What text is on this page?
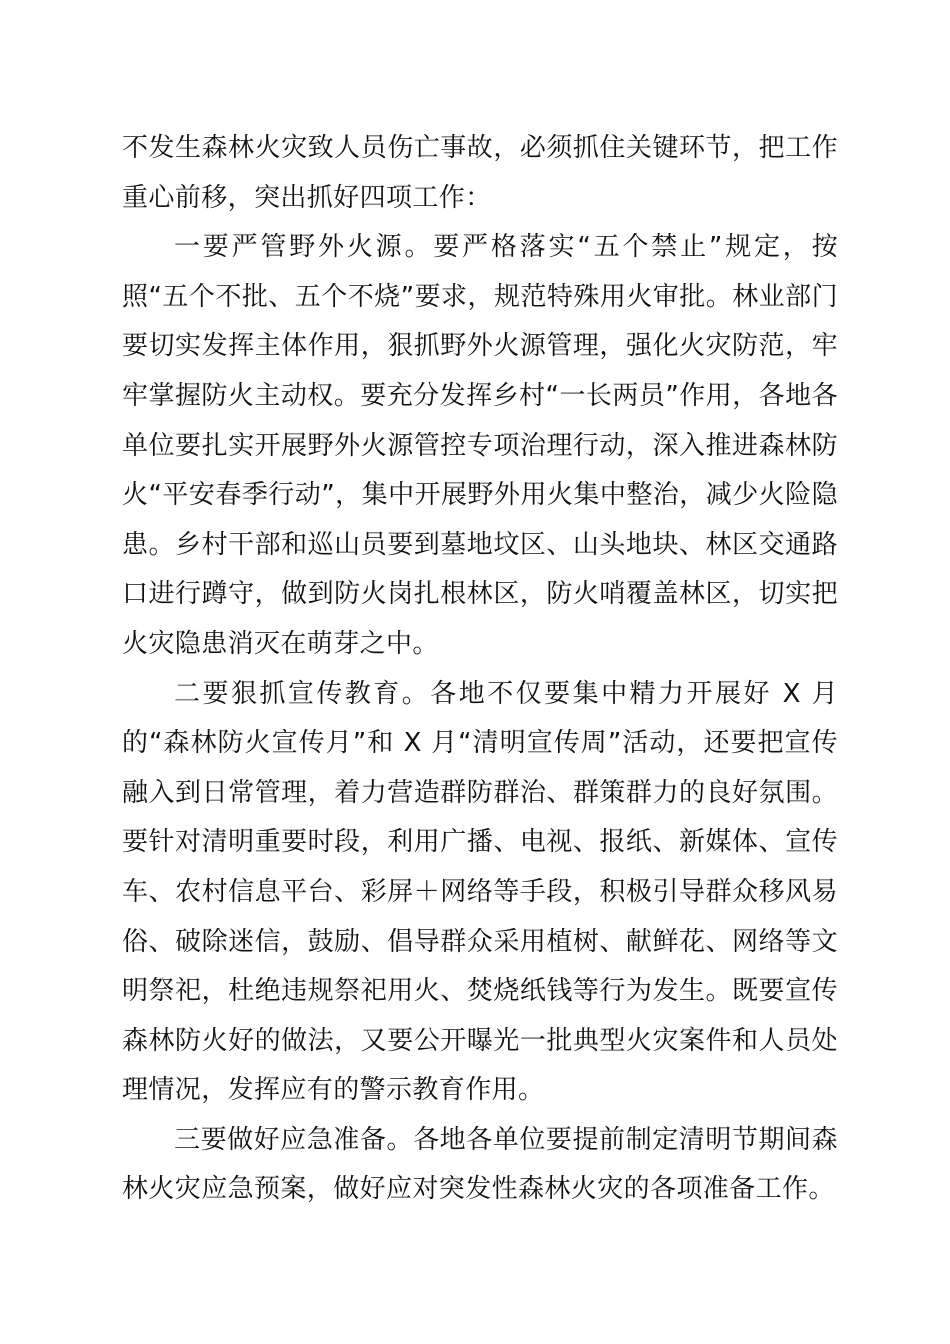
不发生森林火灾致人员伤亡事故，必须抓住关键环节，把工作重心前移，突出抓好四项工作：

一要严管野外火源。要严格落实“五个禁止”规定，按照“五个不批、五个不烧”要求，规范特殊用火审批。林业部门要切实发挥主体作用，狠抓野外火源管理，强化火灾防范，牢牢掌握防火主动权。要充分发挥乡村“一长两员”作用，各地各单位要扎实开展野外火源管控专项治理行动，深入推进森林防火“平安春季行动”，集中开展野外用火集中整治，减少火险隐患。乡村干部和巡山员要到墓地坟区、山头地块、林区交通路口进行蹲守，做到防火岗扎根林区，防火哨覆盖林区，切实把火灾隐患消灭在萌芽之中。

二要狠抓宣传教育。各地不仅要集中精力开展好 X 月的“森林防火宣传月”和 X 月“清明宣传周”活动，还要把宣传融入到日常管理，着力营造群防群治、群策群力的良好氛围。要针对清明重要时段，利用广播、电视、报纸、新媒体、宣传车、农村信息平台、彩屏＋网络等手段，积极引导群众移风易俗、破除迷信，鼓励、倡导群众采用植树、献鲜花、网络等文明祭祀，杜绝违规祭祀用火、焚烧纸钱等行为发生。既要宣传森林防火好的做法，又要公开曝光一批典型火灾案件和人员处理情况，发挥应有的警示教育作用。

三要做好应急准备。各地各单位要提前制定清明节期间森林火灾应急预案，做好应对突发性森林火灾的各项准备工作。
